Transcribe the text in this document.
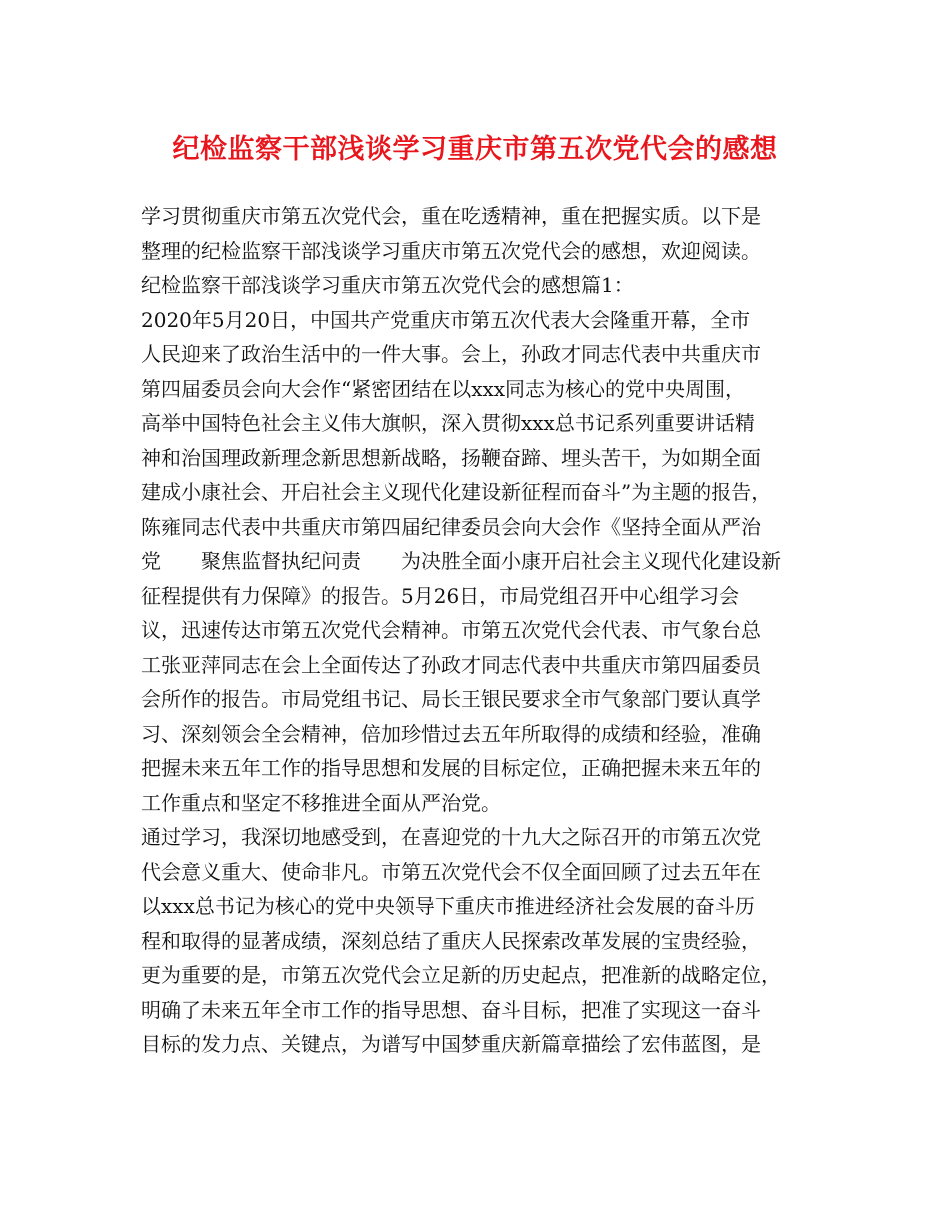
纪检监察干部浅谈学习重庆市第五次党代会的感想
学习贯彻重庆市第五次党代会，重在吃透精神，重在把握实质。以下是
整理的纪检监察干部浅谈学习重庆市第五次党代会的感想，欢迎阅读。
纪检监察干部浅谈学习重庆市第五次党代会的感想篇1：
2020年5月20日，中国共产党重庆市第五次代表大会隆重开幕，全市
人民迎来了政治生活中的一件大事。会上，孙政才同志代表中共重庆市
第四届委员会向大会作“紧密团结在以xxx同志为核心的党中央周围，
高举中国特色社会主义伟大旗帜，深入贯彻xxx总书记系列重要讲话精
神和治国理政新理念新思想新战略，扬鞭奋蹄、埋头苦干，为如期全面
建成小康社会、开启社会主义现代化建设新征程而奋斗”为主题的报告，
陈雍同志代表中共重庆市第四届纪律委员会向大会作《坚持全面从严治
党　　聚焦监督执纪问责　　为决胜全面小康开启社会主义现代化建设新
征程提供有力保障》的报告。5月26日，市局党组召开中心组学习会
议，迅速传达市第五次党代会精神。市第五次党代会代表、市气象台总
工张亚萍同志在会上全面传达了孙政才同志代表中共重庆市第四届委员
会所作的报告。市局党组书记、局长王银民要求全市气象部门要认真学
习、深刻领会全会精神，倍加珍惜过去五年所取得的成绩和经验，准确
把握未来五年工作的指导思想和发展的目标定位，正确把握未来五年的
工作重点和坚定不移推进全面从严治党。
通过学习，我深切地感受到，在喜迎党的十九大之际召开的市第五次党
代会意义重大、使命非凡。市第五次党代会不仅全面回顾了过去五年在
以xxx总书记为核心的党中央领导下重庆市推进经济社会发展的奋斗历
程和取得的显著成绩，深刻总结了重庆人民探索改革发展的宝贵经验，
更为重要的是，市第五次党代会立足新的历史起点，把准新的战略定位，
明确了未来五年全市工作的指导思想、奋斗目标，把准了实现这一奋斗
目标的发力点、关键点，为谱写中国梦重庆新篇章描绘了宏伟蓝图，是
